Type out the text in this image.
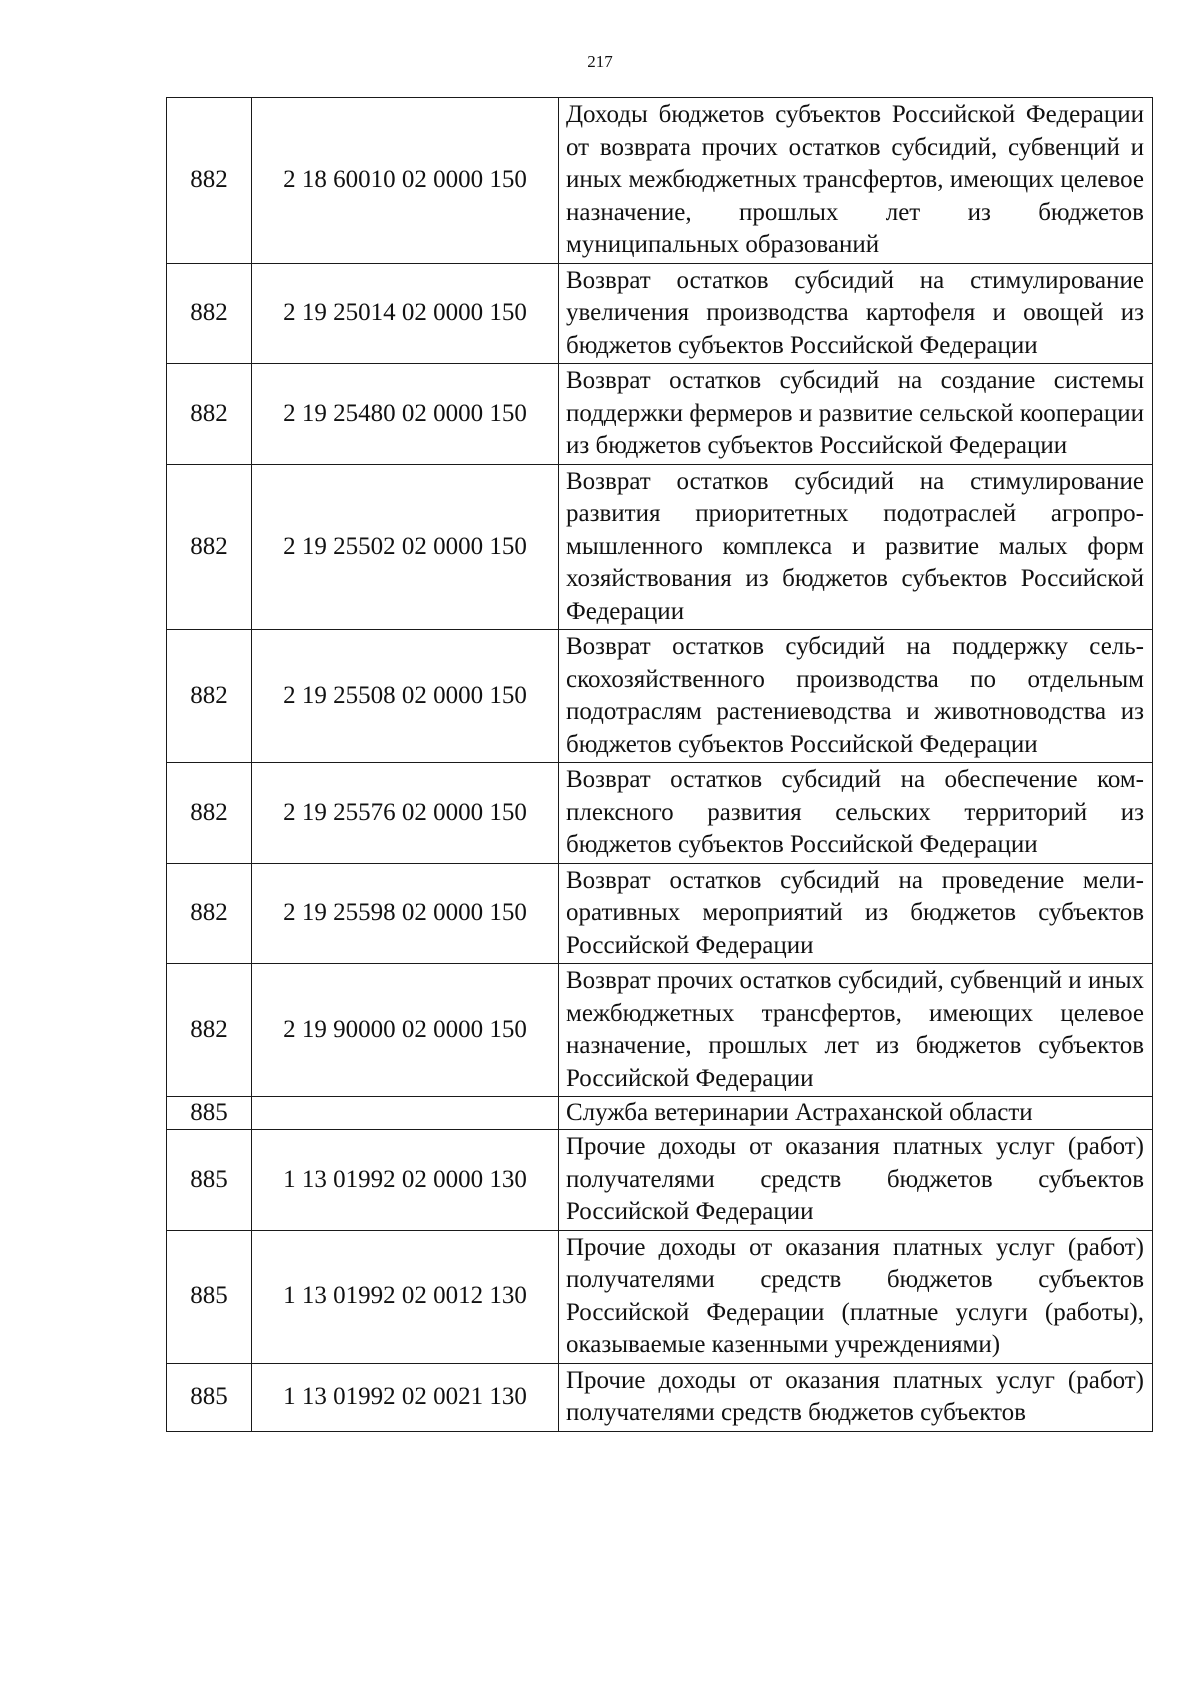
217
882	2 18 60010 02 0000 150	Доходы бюджетов субъектов Российской Федерации от возврата прочих остатков субсидий, субвенций и иных межбюджетных трансфертов, имеющих целевое назначение, прошлых лет из бюджетов муниципальных образований
882	2 19 25014 02 0000 150	Возврат остатков субсидий на стимулирование увеличения производства картофеля и овощей из бюджетов субъектов Российской Федерации
882	2 19 25480 02 0000 150	Возврат остатков субсидий на создание системы поддержки фермеров и развитие сельской кооперации из бюджетов субъектов Российской Федерации
882	2 19 25502 02 0000 150	Возврат остатков субсидий на стимулирование развития приоритетных подотраслей агропромышленного комплекса и развитие малых форм хозяйствования из бюджетов субъектов Российской Федерации
882	2 19 25508 02 0000 150	Возврат остатков субсидий на поддержку сельскохозяйственного производства по отдельным подотраслям растениеводства и животноводства из бюджетов субъектов Российской Федерации
882	2 19 25576 02 0000 150	Возврат остатков субсидий на обеспечение комплексного развития сельских территорий из бюджетов субъектов Российской Федерации
882	2 19 25598 02 0000 150	Возврат остатков субсидий на проведение мелиоративных мероприятий из бюджетов субъектов Российской Федерации
882	2 19 90000 02 0000 150	Возврат прочих остатков субсидий, субвенций и иных межбюджетных трансфертов, имеющих целевое назначение, прошлых лет из бюджетов субъектов Российской Федерации
885		Служба ветеринарии Астраханской области
885	1 13 01992 02 0000 130	Прочие доходы от оказания платных услуг (работ) получателями средств бюджетов субъектов Российской Федерации
885	1 13 01992 02 0012 130	Прочие доходы от оказания платных услуг (работ) получателями средств бюджетов субъектов Российской Федерации (платные услуги (работы), оказываемые казенными учреждениями)
885	1 13 01992 02 0021 130	Прочие доходы от оказания платных услуг (работ) получателями средств бюджетов субъектов
